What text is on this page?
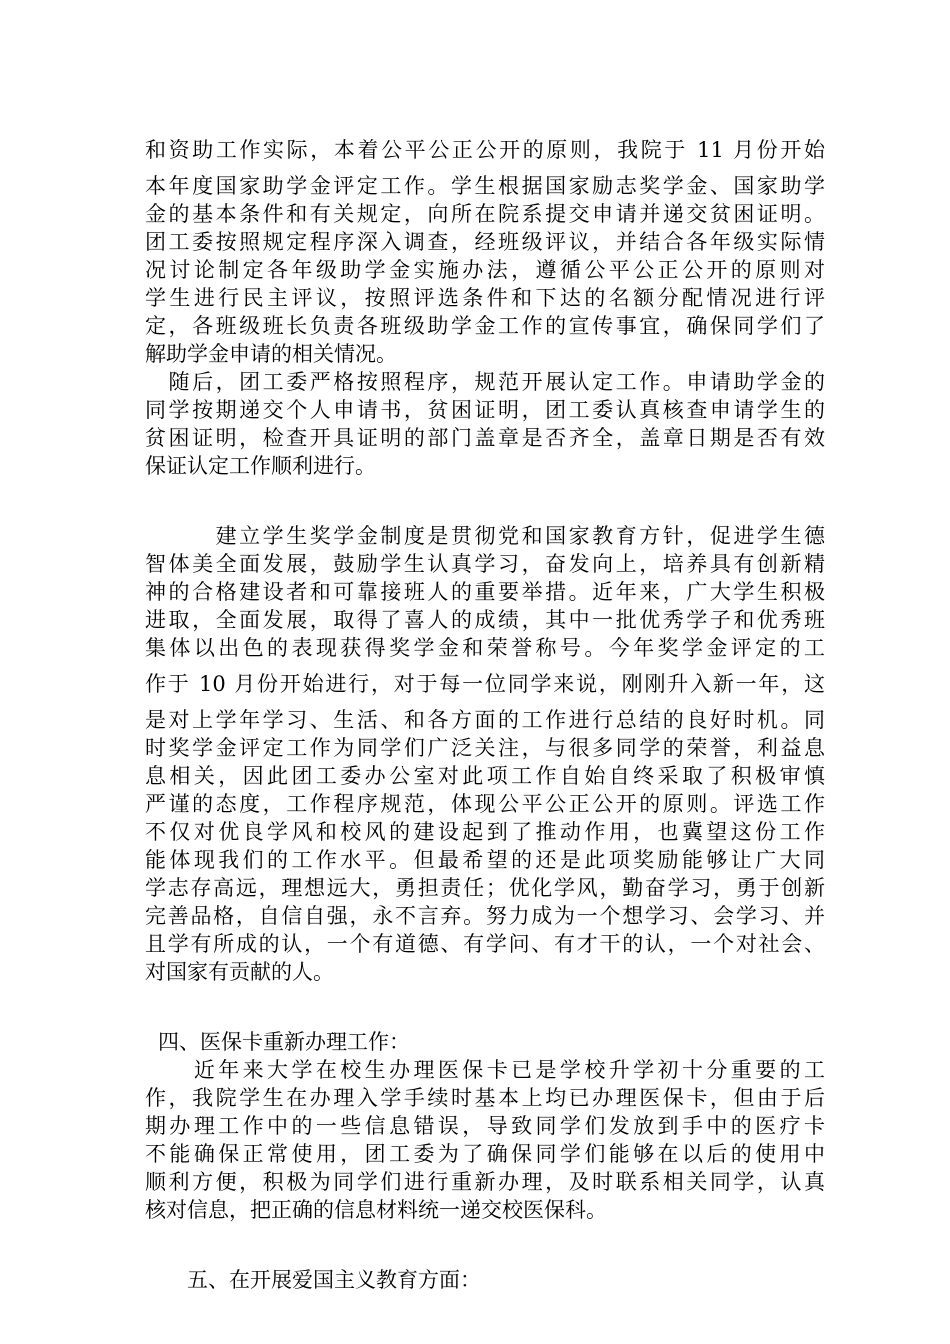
和资助工作实际，本着公平公正公开的原则，我院于 11 月份开始
本年度国家助学金评定工作。学生根据国家励志奖学金、国家助学
金的基本条件和有关规定，向所在院系提交申请并递交贫困证明。
团工委按照规定程序深入调查，经班级评议，并结合各年级实际情
况讨论制定各年级助学金实施办法，遵循公平公正公开的原则对
学生进行民主评议，按照评选条件和下达的名额分配情况进行评
定，各班级班长负责各班级助学金工作的宣传事宜，确保同学们了
解助学金申请的相关情况。
　随后，团工委严格按照程序，规范开展认定工作。申请助学金的
同学按期递交个人申请书，贫困证明，团工委认真核查申请学生的
贫困证明，检查开具证明的部门盖章是否齐全，盖章日期是否有效
保证认定工作顺利进行。
　　　建立学生奖学金制度是贯彻党和国家教育方针，促进学生德
智体美全面发展，鼓励学生认真学习，奋发向上，培养具有创新精
神的合格建设者和可靠接班人的重要举措。近年来，广大学生积极
进取，全面发展，取得了喜人的成绩，其中一批优秀学子和优秀班
集体以出色的表现获得奖学金和荣誉称号。今年奖学金评定的工
作于 10 月份开始进行，对于每一位同学来说，刚刚升入新一年，这
是对上学年学习、生活、和各方面的工作进行总结的良好时机。同
时奖学金评定工作为同学们广泛关注，与很多同学的荣誉，利益息
息相关，因此团工委办公室对此项工作自始自终采取了积极审慎
严谨的态度，工作程序规范，体现公平公正公开的原则。评选工作
不仅对优良学风和校风的建设起到了推动作用，也冀望这份工作
能体现我们的工作水平。但最希望的还是此项奖励能够让广大同
学志存高远，理想远大，勇担责任；优化学风，勤奋学习，勇于创新
完善品格，自信自强，永不言弃。努力成为一个想学习、会学习、并
且学有所成的认，一个有道德、有学问、有才干的认，一个对社会、
对国家有贡献的人。
四、医保卡重新办理工作：
　　近年来大学在校生办理医保卡已是学校升学初十分重要的工
作，我院学生在办理入学手续时基本上均已办理医保卡，但由于后
期办理工作中的一些信息错误，导致同学们发放到手中的医疗卡
不能确保正常使用，团工委为了确保同学们能够在以后的使用中
顺利方便，积极为同学们进行重新办理，及时联系相关同学，认真
核对信息，把正确的信息材料统一递交校医保科。
五、在开展爱国主义教育方面：
